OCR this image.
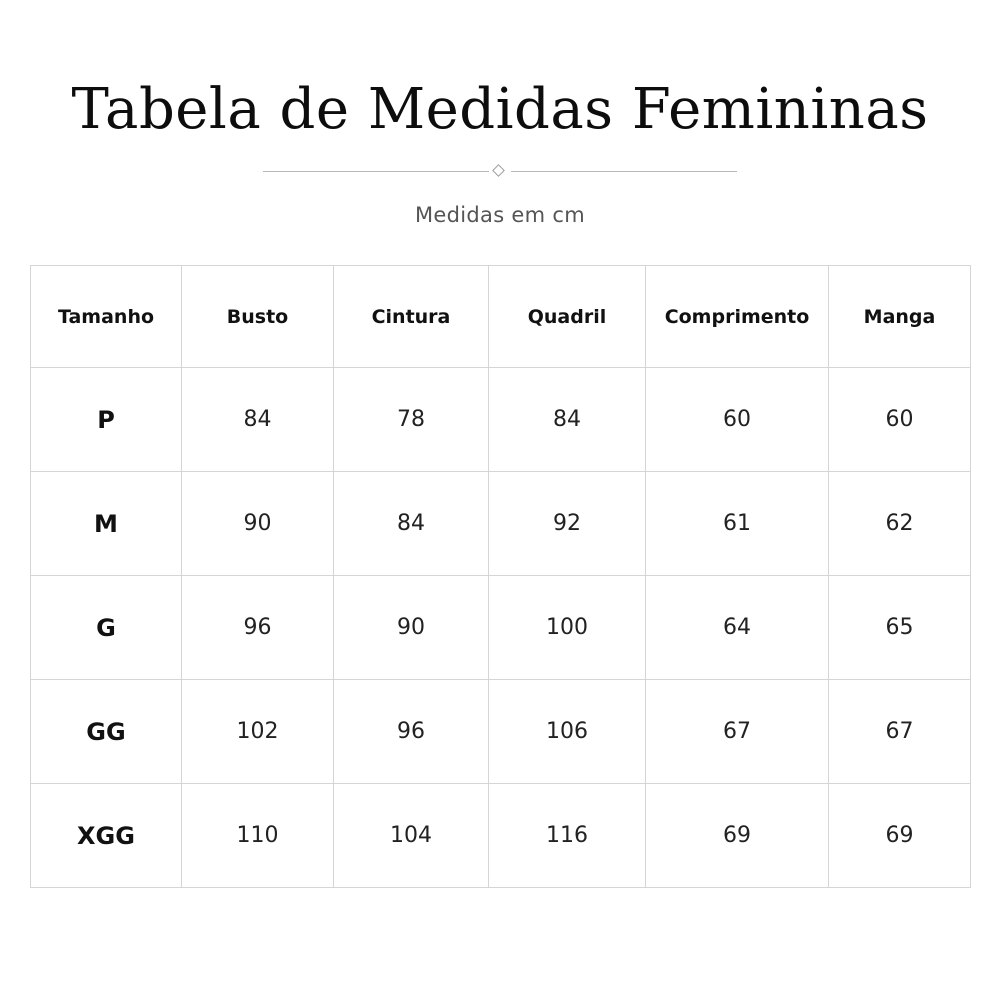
Tabela de Medidas Femininas
Medidas em cm
Tamanho	Busto	Cintura	Quadril	Comprimento	Manga
P	84	78	84	60	60
M	90	84	92	61	62
G	96	90	100	64	65
GG	102	96	106	67	67
XGG	110	104	116	69	69
